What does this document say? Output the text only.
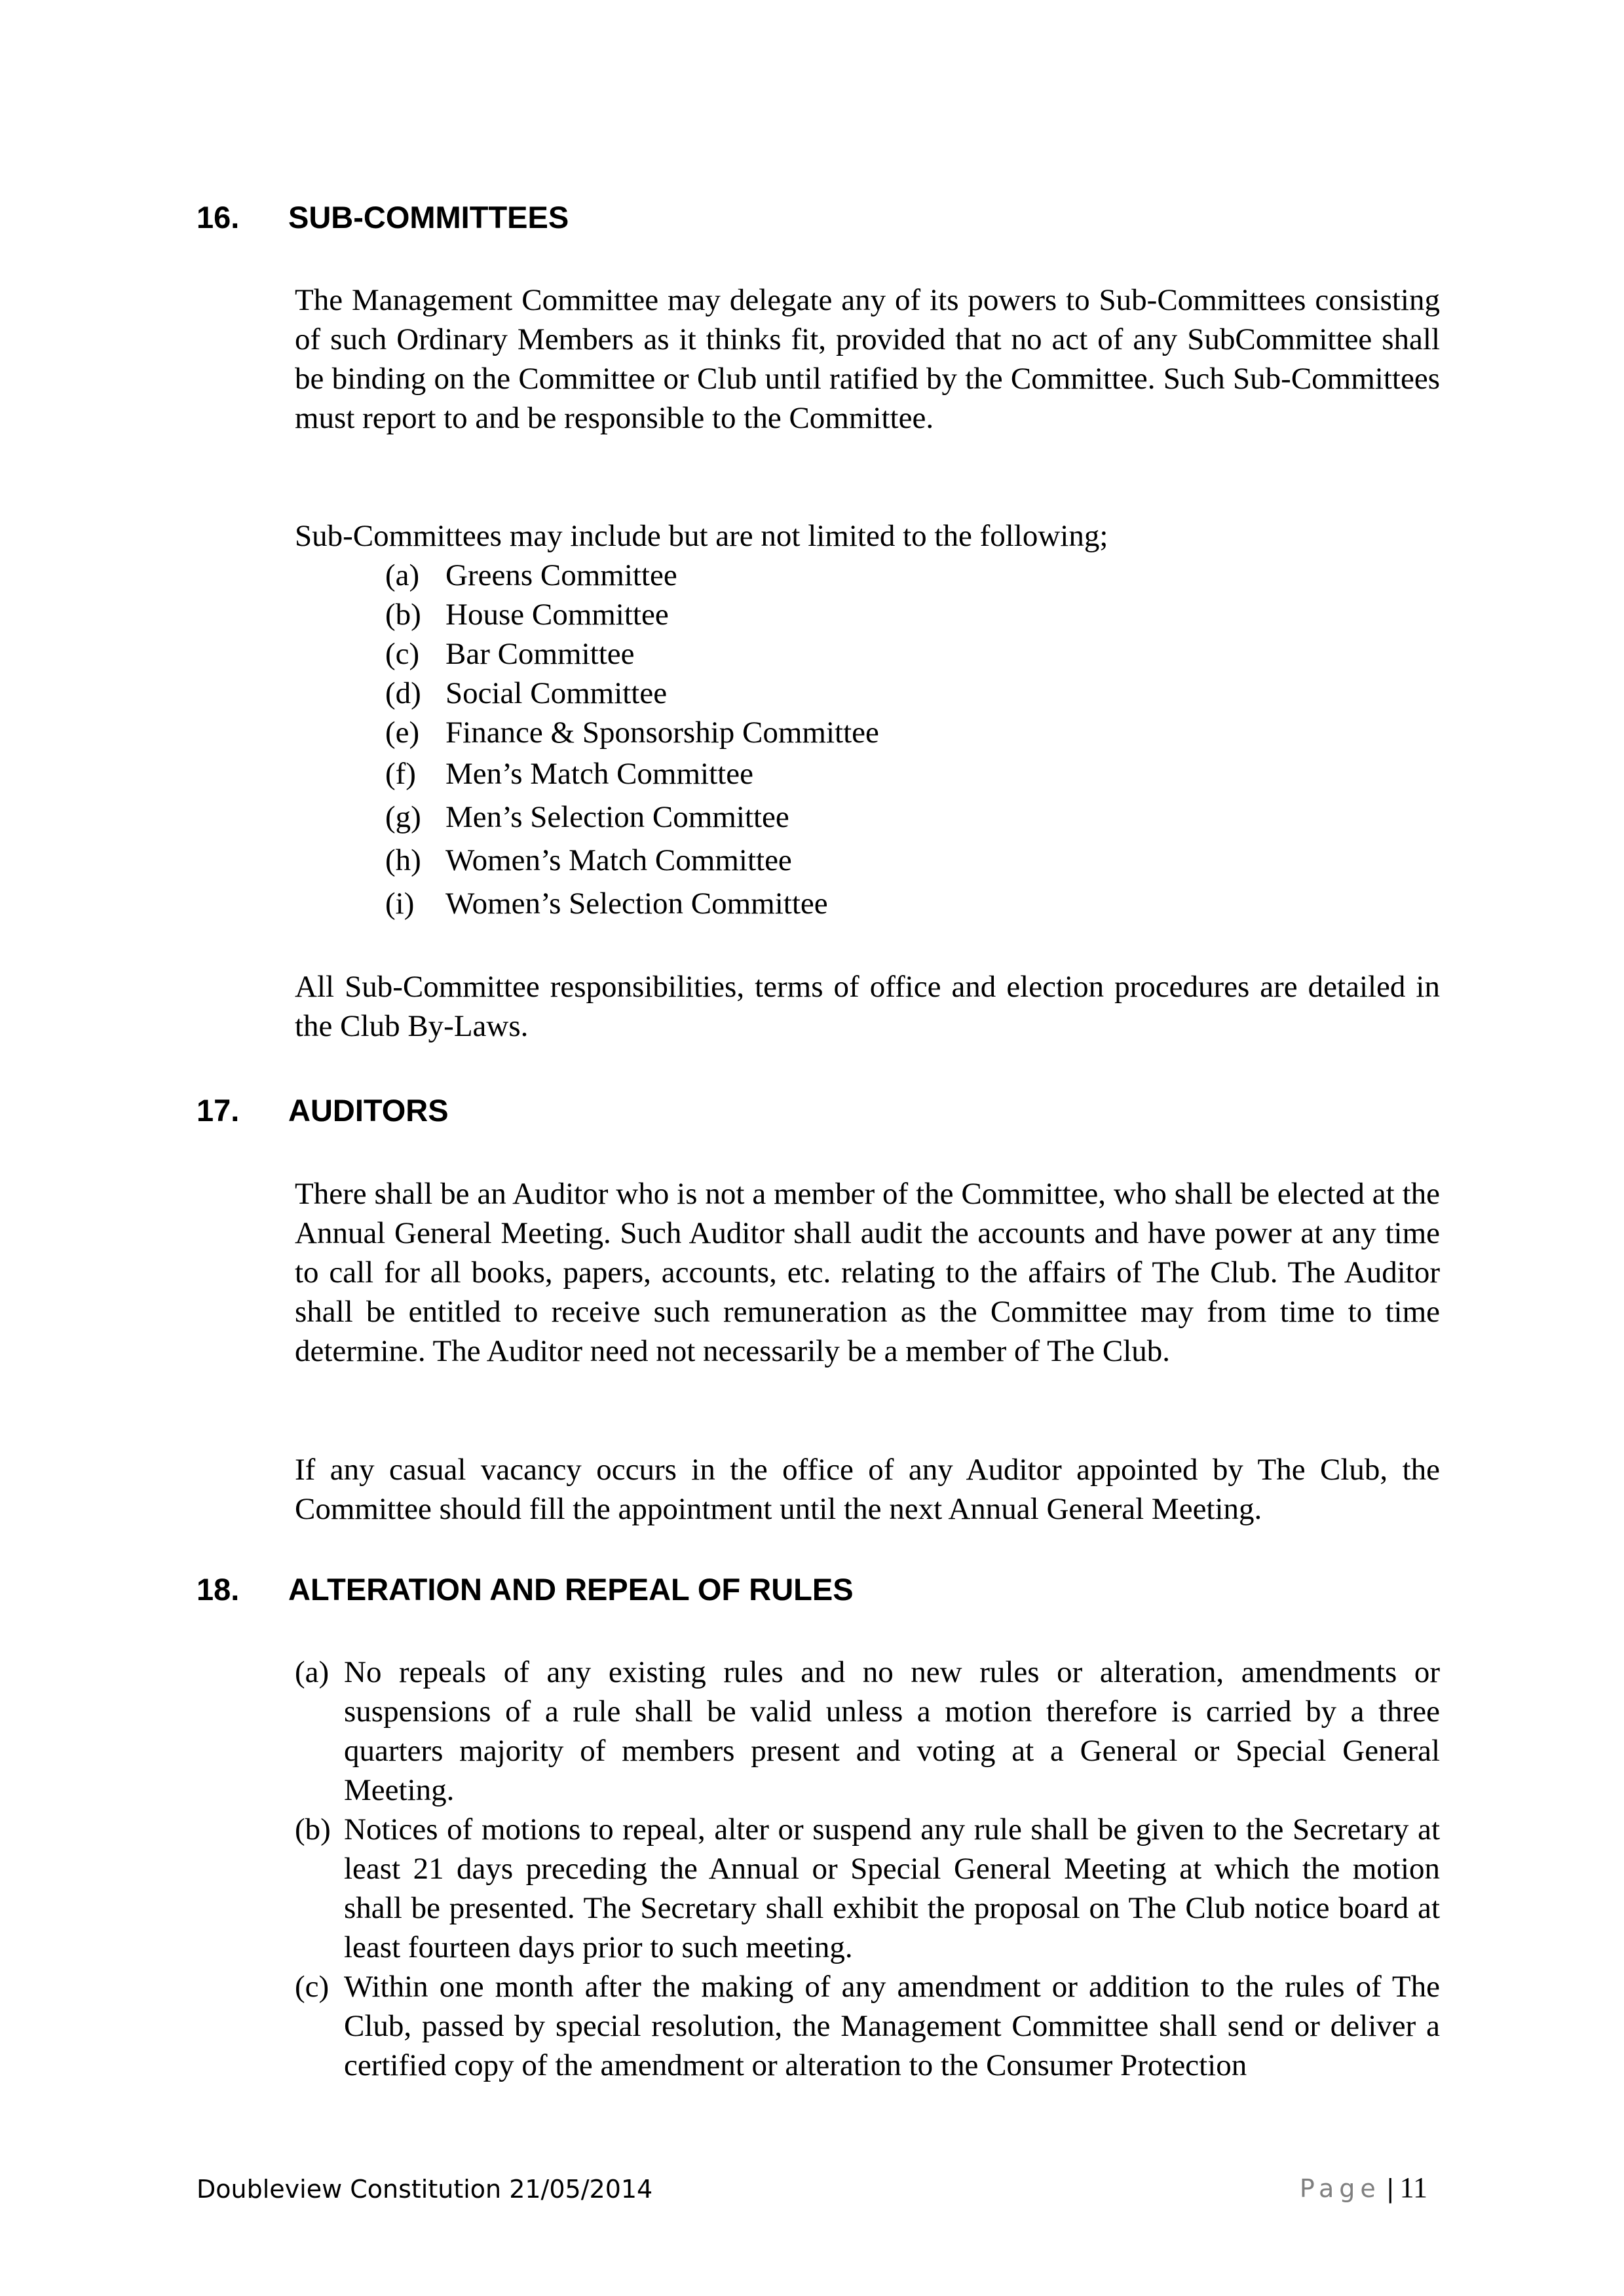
16. SUB-COMMITTEES

The Management Committee may delegate any of its powers to Sub-Committees consisting of such Ordinary Members as it thinks fit, provided that no act of any SubCommittee shall be binding on the Committee or Club until ratified by the Committee. Such Sub-Committees must report to and be responsible to the Committee.

Sub-Committees may include but are not limited to the following;

(a) Greens Committee
(b) House Committee
(c) Bar Committee
(d) Social Committee
(e) Finance & Sponsorship Committee
(f) Men’s Match Committee
(g) Men’s Selection Committee
(h) Women’s Match Committee
(i) Women’s Selection Committee

All Sub-Committee responsibilities, terms of office and election procedures are detailed in the Club By-Laws.

17. AUDITORS

There shall be an Auditor who is not a member of the Committee, who shall be elected at the Annual General Meeting. Such Auditor shall audit the accounts and have power at any time to call for all books, papers, accounts, etc. relating to the affairs of The Club. The Auditor shall be entitled to receive such remuneration as the Committee may from time to time determine. The Auditor need not necessarily be a member of The Club.

If any casual vacancy occurs in the office of any Auditor appointed by The Club, the Committee should fill the appointment until the next Annual General Meeting.

18. ALTERATION AND REPEAL OF RULES
(a) No repeals of any existing rules and no new rules or alteration, amendments or suspensions of a rule shall be valid unless a motion therefore is carried by a three quarters majority of members present and voting at a General or Special General Meeting.
(b) Notices of motions to repeal, alter or suspend any rule shall be given to the Secretary at least 21 days preceding the Annual or Special General Meeting at which the motion shall be presented. The Secretary shall exhibit the proposal on The Club notice board at least fourteen days prior to such meeting.
(c) Within one month after the making of any amendment or addition to the rules of The Club, passed by special resolution, the Management Committee shall send or deliver a certified copy of the amendment or alteration to the Consumer Protection
Doubleview Constitution 21/05/2014	Page | 11
